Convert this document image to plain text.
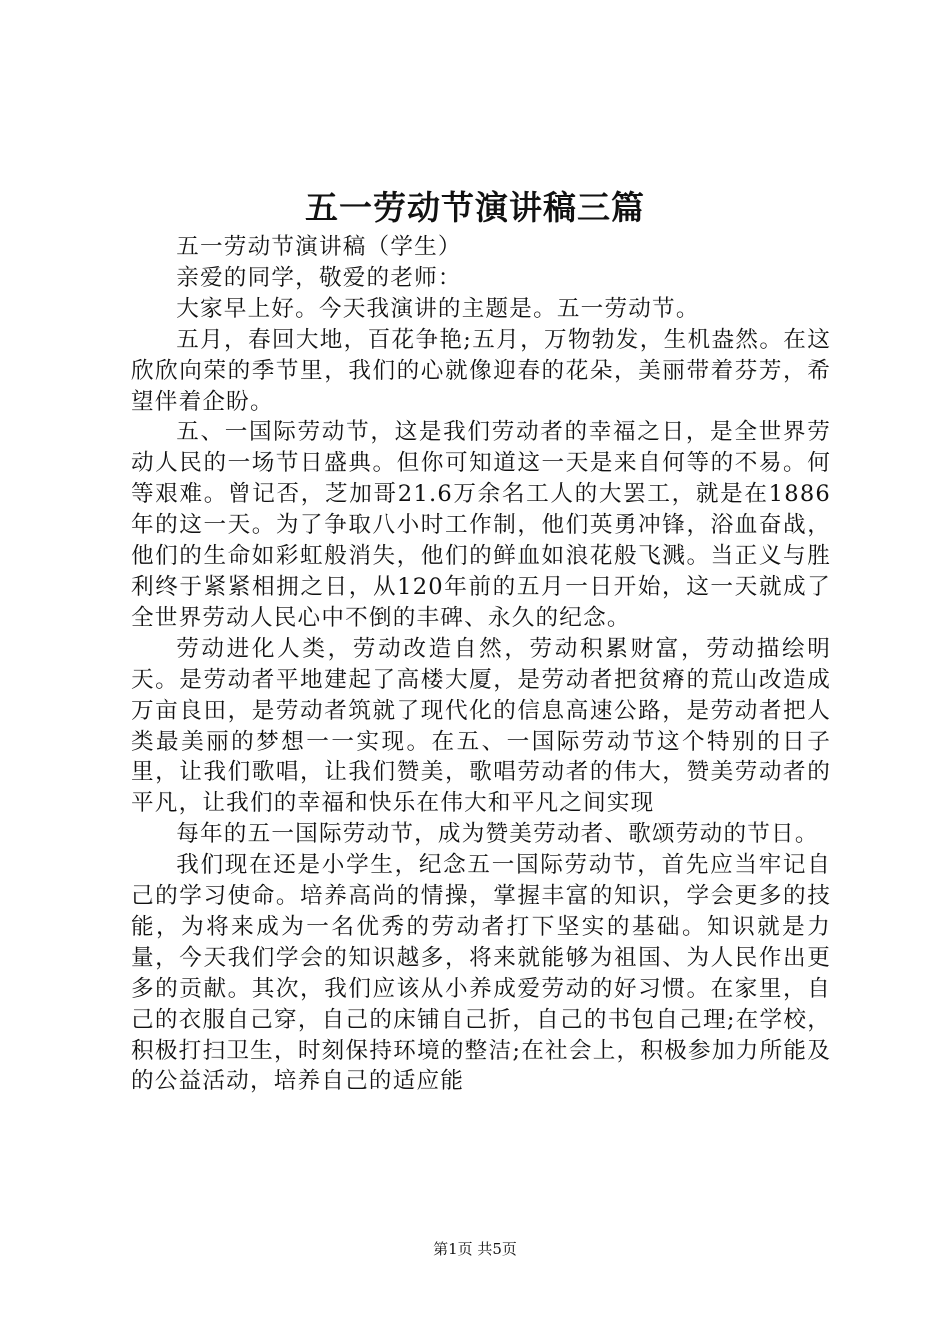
五一劳动节演讲稿三篇

五一劳动节演讲稿（学生）

亲爱的同学，敬爱的老师：

大家早上好。今天我演讲的主题是。五一劳动节。

五月，春回大地，百花争艳;五月，万物勃发，生机盎然。在这欣欣向荣的季节里，我们的心就像迎春的花朵，美丽带着芬芳，希望伴着企盼。

五、一国际劳动节，这是我们劳动者的幸福之日，是全世界劳动人民的一场节日盛典。但你可知道这一天是来自何等的不易。何等艰难。曾记否，芝加哥21.6万余名工人的大罢工，就是在1886年的这一天。为了争取八小时工作制，他们英勇冲锋，浴血奋战，他们的生命如彩虹般消失，他们的鲜血如浪花般飞溅。当正义与胜利终于紧紧相拥之日，从120年前的五月一日开始，这一天就成了全世界劳动人民心中不倒的丰碑、永久的纪念。

劳动进化人类，劳动改造自然，劳动积累财富，劳动描绘明天。是劳动者平地建起了高楼大厦，是劳动者把贫瘠的荒山改造成万亩良田，是劳动者筑就了现代化的信息高速公路，是劳动者把人类最美丽的梦想一一实现。在五、一国际劳动节这个特别的日子里，让我们歌唱，让我们赞美，歌唱劳动者的伟大，赞美劳动者的平凡，让我们的幸福和快乐在伟大和平凡之间实现

每年的五一国际劳动节，成为赞美劳动者、歌颂劳动的节日。

我们现在还是小学生，纪念五一国际劳动节，首先应当牢记自己的学习使命。培养高尚的情操，掌握丰富的知识，学会更多的技能，为将来成为一名优秀的劳动者打下坚实的基础。知识就是力量，今天我们学会的知识越多，将来就能够为祖国、为人民作出更多的贡献。其次，我们应该从小养成爱劳动的好习惯。在家里，自己的衣服自己穿，自己的床铺自己折，自己的书包自己理;在学校，积极打扫卫生，时刻保持环境的整洁;在社会上，积极参加力所能及的公益活动，培养自己的适应能

第1页 共5页
